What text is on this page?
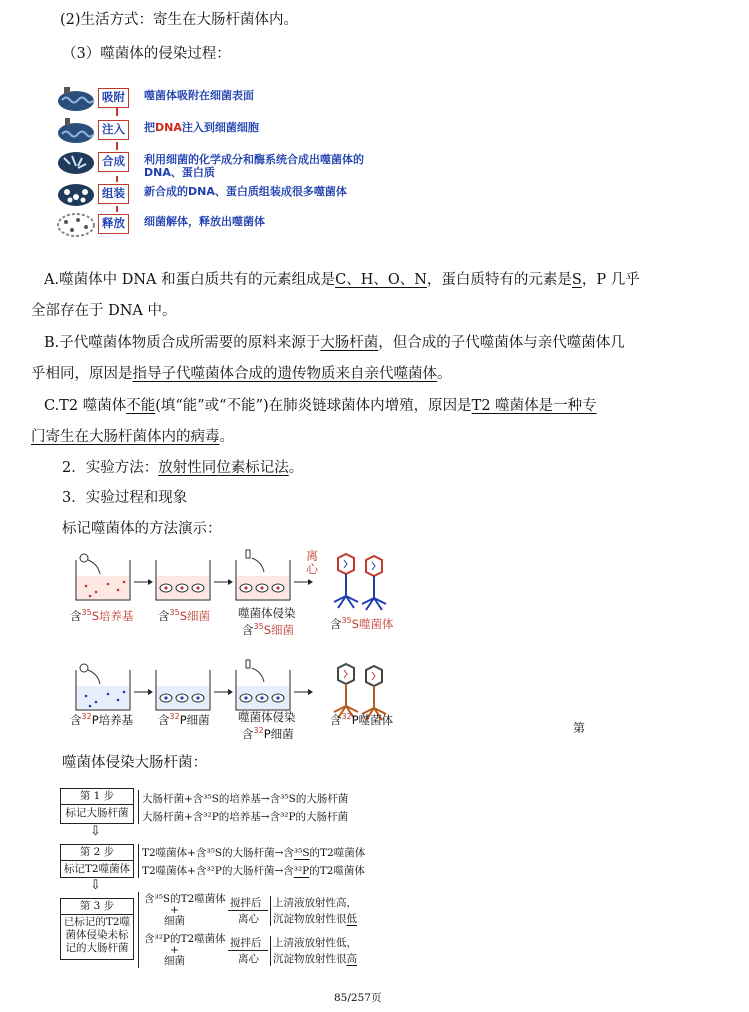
(2)生活方式：寄生在大肠杆菌体内。
（3）噬菌体的侵染过程：
吸附	噬菌体吸附在细菌表面
注入	把DNA注入到细菌细胞
合成	利用细菌的化学成分和酶系统合成出噬菌体的DNA、蛋白质
组装	新合成的DNA、蛋白质组装成很多噬菌体
释放	细菌解体，释放出噬菌体
A.噬菌体中 DNA 和蛋白质共有的元素组成是C、H、O、N，蛋白质特有的元素是S，P 几乎
全部存在于 DNA 中。
B.子代噬菌体物质合成所需要的原料来源于大肠杆菌，但合成的子代噬菌体与亲代噬菌体几
乎相同，原因是指导子代噬菌体合成的遗传物质来自亲代噬菌体。
C.T2 噬菌体不能(填“能”或“不能”)在肺炎链球菌体内增殖，原因是T2 噬菌体是一种专
门寄生在大肠杆菌体内的病毒。
2．实验方法：放射性同位素标记法。
3．实验过程和现象
标记噬菌体的方法演示：
离心
含$^{35}$S培养基 含$^{35}$S细菌 噬菌体侵染
含$^{35}$S细菌	含$^{35}$S噬菌体
含$^{32}$P培养基 含$^{32}$P细菌 噬菌体侵染
含$^{32}$P细菌
含$^{32}$P噬菌体
第
噬菌体侵染大肠杆菌：
第 1 步
标记大肠杆菌
大肠杆菌+含³⁵S的培养基→含³⁵S的大肠杆菌
大肠杆菌+含³²P的培养基→含³²P的大肠杆菌
⇩
第 2 步
标记T2噬菌体
T2噬菌体+含³⁵S的大肠杆菌→含³⁵S的T2噬菌体
T2噬菌体+含³²P的大肠杆菌→含³²P的T2噬菌体
⇩
第 3 步
已标记的T2噬菌体侵染未标记的大肠杆菌
含³⁵S的T2噬菌体
+
细菌
搅拌后
离心
上清液放射性高，
沉淀物放射性很低
含³²P的T2噬菌体
+
细菌
搅拌后
离心
上清液放射性低，
沉淀物放射性很高
85/257页
